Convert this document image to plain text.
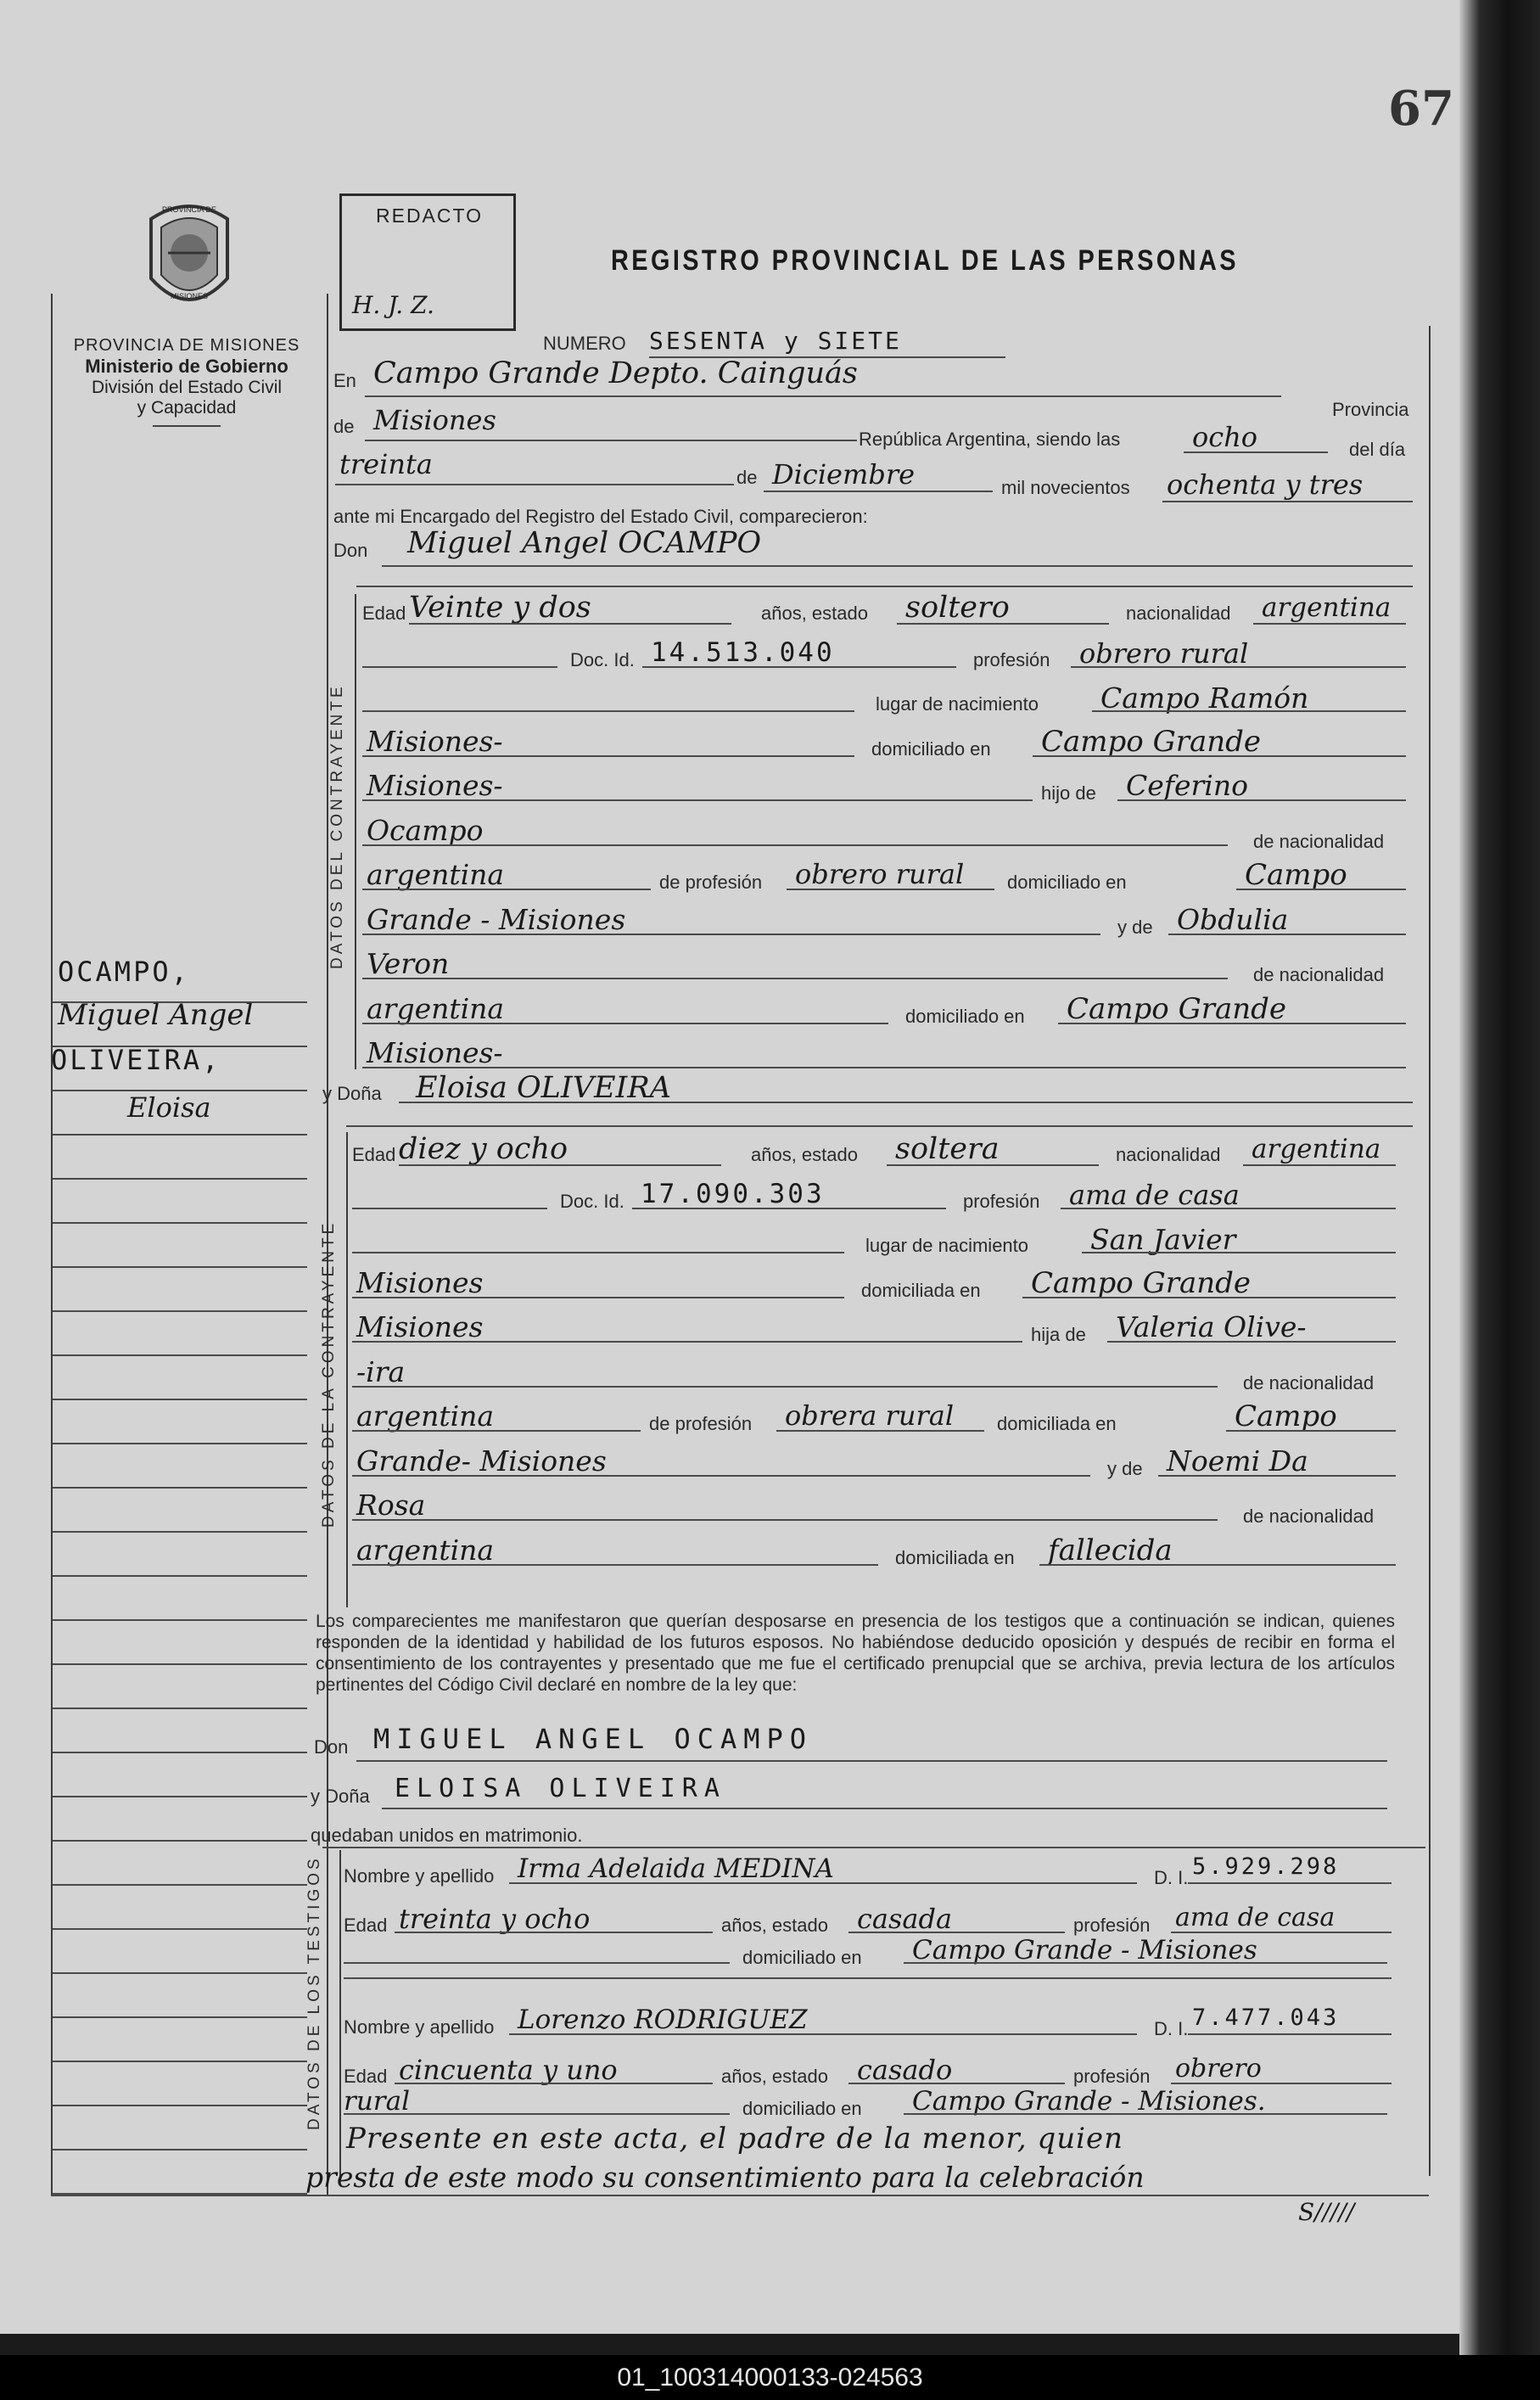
67
PROVINCIA DE
MISIONES
PROVINCIA DE MISIONES
Ministerio de Gobierno
División del Estado Civil
y Capacidad
REDACTO
H. J. Z.
REGISTRO PROVINCIAL DE LAS PERSONAS
OCAMPO,
Miguel Angel
OLIVEIRA,
Eloisa
NUMERO SESENTA y SIETE
En Campo Grande Depto. Cainguás
Provincia
de Misiones
República Argentina, siendo las	ocho	del día
treinta	de Diciembre	mil novecientos ochenta y tres
ante mi Encargado del Registro del Estado Civil, comparecieron:
Don Miguel Angel OCAMPO
DATOS DEL CONTRAYENTE
Edad Veinte y dos	años, estado soltero	nacionalidad argentina
Doc. Id. 14.513.040	profesión obrero rural
lugar de nacimiento Campo Ramón
Misiones-	domiciliado en Campo Grande
Misiones-	hijo de Ceferino
Ocampo	de nacionalidad
argentina	de profesión obrero rural domiciliado en	Campo
Grande - Misiones	y de Obdulia
Veron	de nacionalidad
argentina	domiciliado en Campo Grande
Misiones-
y Doña Eloisa OLIVEIRA
DATOS DE LA CONTRAYENTE
Edad diez y ocho	años, estado soltera	nacionalidad argentina
Doc. Id. 17.090.303	profesión ama de casa
lugar de nacimiento San Javier
Misiones	domiciliada en Campo Grande
Misiones	hija de Valeria Olive-
-ira	de nacionalidad
argentina	de profesión obrera rural domiciliada en	Campo
Grande- Misiones	y de Noemi Da
Rosa	de nacionalidad
argentina	domiciliada en fallecida
Los comparecientes me manifestaron que querían desposarse en presencia de los testigos que a continuación se indican, quienes responden de la identidad y habilidad de los futuros esposos. No habiéndose deducido oposición y después de recibir en forma el consentimiento de los contrayentes y presentado que me fue el certificado prenupcial que se archiva, previa lectura de los artículos pertinentes del Código Civil declaré en nombre de la ley que:
Don MIGUEL ANGEL OCAMPO
y Doña ELOISA OLIVEIRA
quedaban unidos en matrimonio.
DATOS DE LOS TESTIGOS Nombre y apellido Irma Adelaida MEDINA	D. I. 5.929.298
Edad treinta y ocho	años, estado casada	profesión ama de casa
domiciliado en Campo Grande - Misiones
Nombre y apellido Lorenzo RODRIGUEZ	D. I. 7.477.043
Edad cincuenta y uno	años, estado casado	profesión obrero
rural	domiciliado en Campo Grande - Misiones.
Presente en este acta, el padre de la menor, quien
presta de este modo su consentimiento para la celebración
S/////
01_100314000133-024563
